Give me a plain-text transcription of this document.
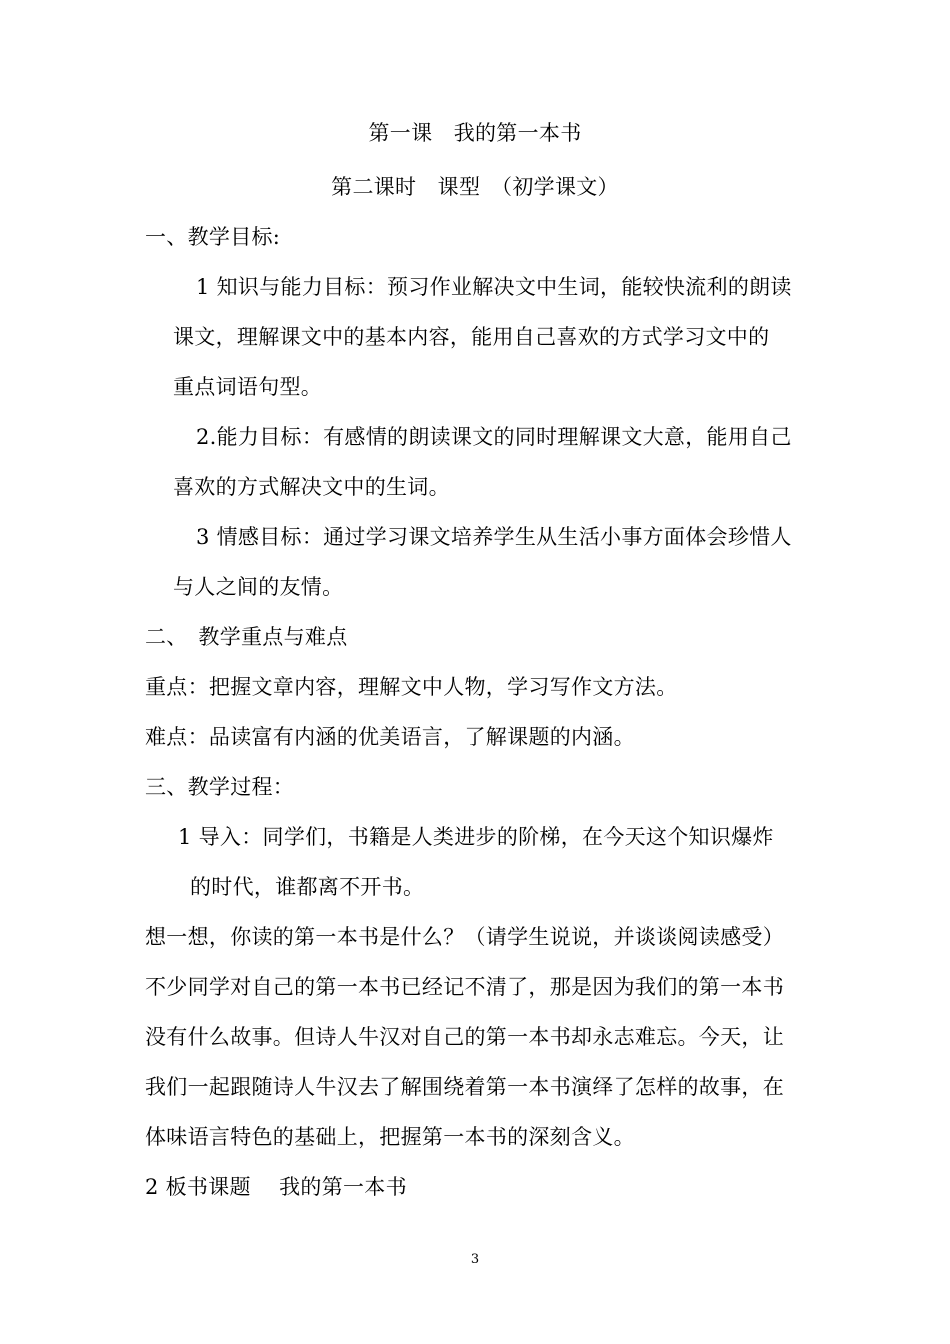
第一课　我的第一本书
第二课时　课型　（初学课文）
一、教学目标:
1 知识与能力目标：预习作业解决文中生词，能较快流利的朗读
课文，理解课文中的基本内容，能用自己喜欢的方式学习文中的
重点词语句型。
2.能力目标：有感情的朗读课文的同时理解课文大意，能用自己
喜欢的方式解决文中的生词。
3 情感目标：通过学习课文培养学生从生活小事方面体会珍惜人
与人之间的友情。
二、　教学重点与难点
重点：把握文章内容，理解文中人物，学习写作文方法。
难点：品读富有内涵的优美语言，了解课题的内涵。
三、教学过程：
1 导入：同学们，书籍是人类进步的阶梯，在今天这个知识爆炸
的时代，谁都离不开书。
想一想，你读的第一本书是什么？（请学生说说，并谈谈阅读感受）
不少同学对自己的第一本书已经记不清了，那是因为我们的第一本书
没有什么故事。但诗人牛汉对自己的第一本书却永志难忘。今天，让
我们一起跟随诗人牛汉去了解围绕着第一本书演绎了怎样的故事，在
体味语言特色的基础上，把握第一本书的深刻含义。
2 板书课题　 我的第一本书
3
